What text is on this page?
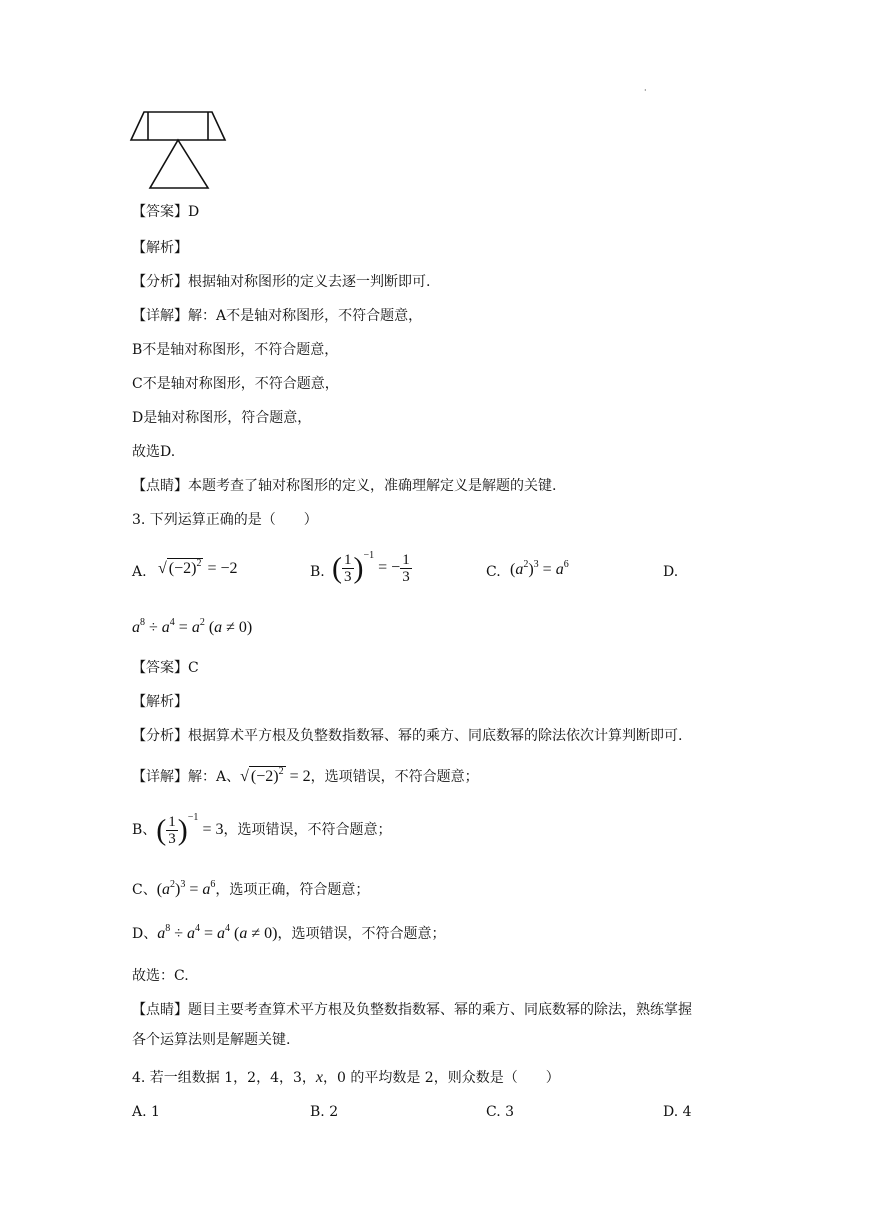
·
【答案】D
【解析】
【分析】根据轴对称图形的定义去逐一判断即可.
【详解】解：A不是轴对称图形，不符合题意，
B不是轴对称图形，不符合题意，
C不是轴对称图形，不符合题意，
D是轴对称图形，符合题意，
故选D.
【点睛】本题考查了轴对称图形的定义，准确理解定义是解题的关键.
3. 下列运算正确的是（　　）
A. √ $(-2)^2 = -2$	B. ( $\frac{1}{3} )^{-1}$ = − $\frac{1}{3}$	C. $(a^2)^3 = a^6$	D.
$a^8 \div a^4 = a^2$ (a ≠ 0)
【答案】C
【解析】
【分析】根据算术平方根及负整数指数幂、幂的乘方、同底数幂的除法依次计算判断即可.
【详解】解：A、√ $(-2)^2 = 2$，选项错误，不符合题意；
B、( $\frac{1}{3} )^{-1} = 3$，选项错误，不符合题意；
C、$(a^2)^3 = a^6$，选项正确，符合题意；
D、$a^8 \div a^4 = a^4$ (a ≠ 0)，选项错误，不符合题意；
故选：C.
【点睛】题目主要考查算术平方根及负整数指数幂、幂的乘方、同底数幂的除法，熟练掌握
各个运算法则是解题关键.
4. 若一组数据 1，2，4，3，x，0 的平均数是 2，则众数是（　　）
A. 1	B. 2	C. 3	D. 4
